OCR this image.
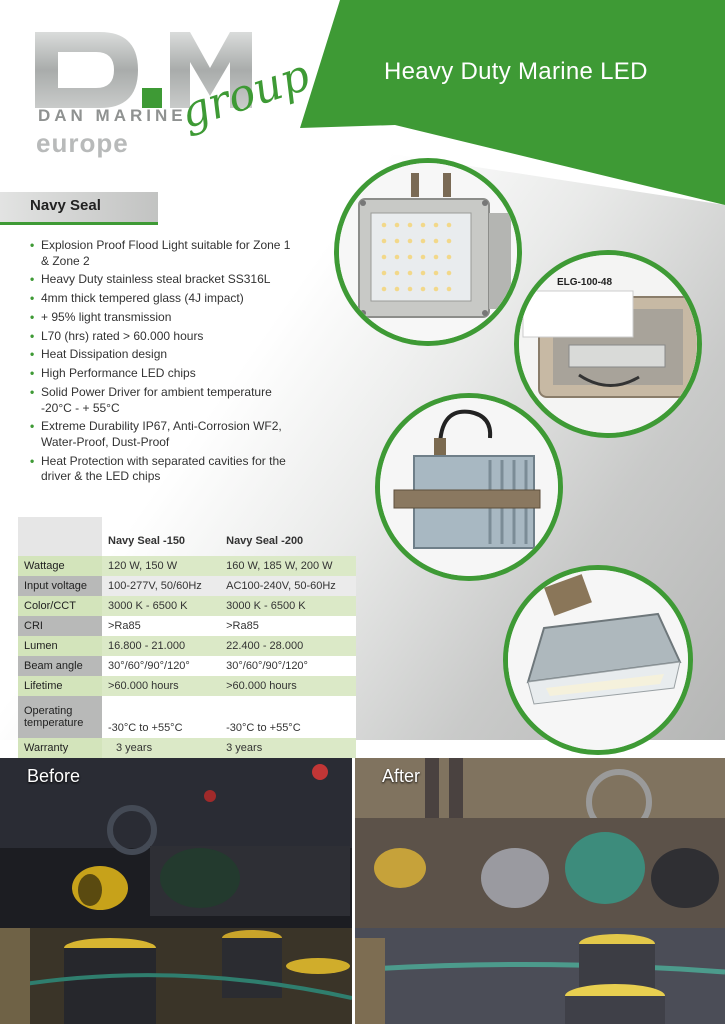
Heavy Duty Marine LED
DAN MARINE
europe
group
Navy Seal
• Explosion Proof Flood Light suitable for Zone 1 & Zone 2
• Heavy Duty stainless steal bracket SS316L
• 4mm thick tempered glass (4J impact)
• + 95% light transmission
• L70 (hrs) rated > 60.000 hours
• Heat Dissipation design
• High Performance LED chips
• Solid Power Driver for ambient temperature -20°C - + 55°C
• Extreme Durability IP67, Anti-Corrosion WF2, Water-Proof, Dust-Proof
• Heat Protection with separated cavities for the driver & the LED chips
	Navy Seal -150	Navy Seal -200
Wattage	120 W, 150 W	160 W, 185 W, 200 W
Input voltage	100-277V, 50/60Hz	AC100-240V, 50-60Hz
Color/CCT	3000 K - 6500 K	3000 K - 6500 K
CRI	>Ra85	>Ra85
Lumen	16.800 - 21.000	22.400 - 28.000
Beam angle	30°/60°/90°/120°	30°/60°/90°/120°
Lifetime	>60.000 hours	>60.000 hours
Operating temperature	-30°C to +55°C	-30°C to +55°C
Warranty	3 years	3 years
ELG-100-48
Before	After
